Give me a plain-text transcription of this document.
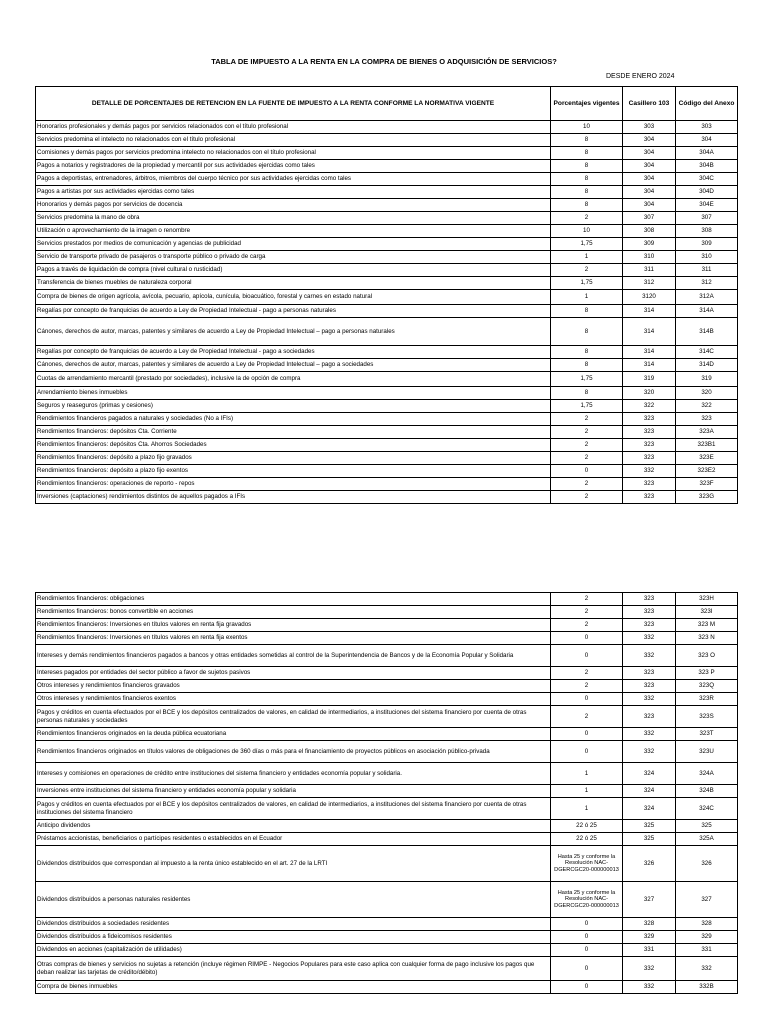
TABLA DE IMPUESTO A LA RENTA EN LA COMPRA DE BIENES O ADQUISICIÓN DE SERVICIOS?
DESDE ENERO 2024
DETALLE DE PORCENTAJES DE RETENCION EN LA FUENTE DE IMPUESTO A LA RENTA CONFORME LA NORMATIVA VIGENTE	Porcentajes vigentes	Casillero 103	Código del Anexo
Honorarios profesionales y demás pagos por servicios relacionados con el título profesional	10	303	303
Servicios predomina el intelecto no relacionados con el título profesional	8	304	304
Comisiones y demás pagos por servicios predomina intelecto no relacionados con el título profesional	8	304	304A
Pagos a notarios y registradores de la propiedad y mercantil por sus actividades ejercidas como tales	8	304	304B
Pagos a deportistas, entrenadores, árbitros, miembros del cuerpo técnico por sus actividades ejercidas como tales	8	304	304C
Pagos a artistas por sus actividades ejercidas como tales	8	304	304D
Honorarios y demás pagos por servicios de docencia	8	304	304E
Servicios predomina la mano de obra	2	307	307
Utilización o aprovechamiento de la imagen o renombre	10	308	308
Servicios prestados por medios de comunicación y agencias de publicidad	1,75	309	309
Servicio de transporte privado de pasajeros o transporte público o privado de carga	1	310	310
Pagos a través de liquidación de compra (nivel cultural o rusticidad)	2	311	311
Transferencia de bienes muebles de naturaleza corporal	1,75	312	312
Compra de bienes de origen agrícola, avícola, pecuario, apícola, cunícula, bioacuático, forestal y carnes en estado natural	1	3120	312A
Regalías por concepto de franquicias de acuerdo a Ley de Propiedad Intelectual - pago a personas naturales	8	314	314A
Cánones, derechos de autor, marcas, patentes y similares de acuerdo a Ley de Propiedad Intelectual – pago a personas naturales	8	314	314B
Regalías por concepto de franquicias de acuerdo a Ley de Propiedad Intelectual - pago a sociedades	8	314	314C
Cánones, derechos de autor, marcas, patentes y similares de acuerdo a Ley de Propiedad Intelectual – pago a sociedades	8	314	314D
Cuotas de arrendamiento mercantil (prestado por sociedades), inclusive la de opción de compra	1,75	319	319
Arrendamiento bienes inmuebles	8	320	320
Seguros y reaseguros (primas y cesiones)	1,75	322	322
Rendimientos financieros pagados a naturales y sociedades (No a IFIs)	2	323	323
Rendimientos financieros: depósitos Cta. Corriente	2	323	323A
Rendimientos financieros: depósitos Cta. Ahorros Sociedades	2	323	323B1
Rendimientos financieros: depósito a plazo fijo gravados	2	323	323E
Rendimientos financieros: depósito a plazo fijo exentos	0	332	323E2
Rendimientos financieros: operaciones de reporto - repos	2	323	323F
Inversiones (captaciones) rendimientos distintos de aquellos pagados a IFIs	2	323	323G
Rendimientos financieros: obligaciones	2	323	323H
Rendimientos financieros: bonos convertible en acciones	2	323	323I
Rendimientos financieros: Inversiones en títulos valores en renta fija gravados	2	323	323 M
Rendimientos financieros: Inversiones en títulos valores en renta fija exentos	0	332	323 N
Intereses y demás rendimientos financieros pagados a bancos y otras entidades sometidas al control de la Superintendencia de Bancos y de la Economía Popular y Solidaria	0	332	323 O
Intereses pagados por entidades del sector público a favor de sujetos pasivos	2	323	323 P
Otros intereses y rendimientos financieros gravados	2	323	323Q
Otros intereses y rendimientos financieros exentos	0	332	323R
Pagos y créditos en cuenta efectuados por el BCE y los depósitos centralizados de valores, en calidad de intermediarios, a instituciones del sistema financiero por cuenta de otras personas naturales y sociedades	2	323	323S
Rendimientos financieros originados en la deuda pública ecuatoriana	0	332	323T
Rendimientos financieros originados en títulos valores de obligaciones de 360 días o más para el financiamiento de proyectos públicos en asociación público-privada	0	332	323U
Intereses y comisiones en operaciones de crédito entre instituciones del sistema financiero y entidades economía popular y solidaria.	1	324	324A
Inversiones entre instituciones del sistema financiero y entidades economía popular y solidaria	1	324	324B
Pagos y créditos en cuenta efectuados por el BCE y los depósitos centralizados de valores, en calidad de intermediarios, a instituciones del sistema financiero por cuenta de otras instituciones del sistema financiero	1	324	324C
Anticipo dividendos	22 ó 25	325	325
Préstamos accionistas, beneficiarios o partícipes residentes o establecidos en el Ecuador	22 ó 25	325	325A
Dividendos distribuidos que correspondan al impuesto a la renta único establecido en el art. 27 de la LRTI	Hasta 25 y conforme la Resolución NAC-DGERCGC20-000000013	326	326
Dividendos distribuidos a personas naturales residentes	Hasta 25 y conforme la Resolución NAC-DGERCGC20-000000013	327	327
Dividendos distribuidos a sociedades residentes	0	328	328
Dividendos distribuidos a fideicomisos residentes	0	329	329
Dividendos en acciones (capitalización de utilidades)	0	331	331
Otras compras de bienes y servicios no sujetas a retención (incluye régimen RIMPE - Negocios Populares para este caso aplica con cualquier forma de pago inclusive los pagos que deban realizar las tarjetas de crédito/débito)	0	332	332
Compra de bienes inmuebles	0	332	332B
